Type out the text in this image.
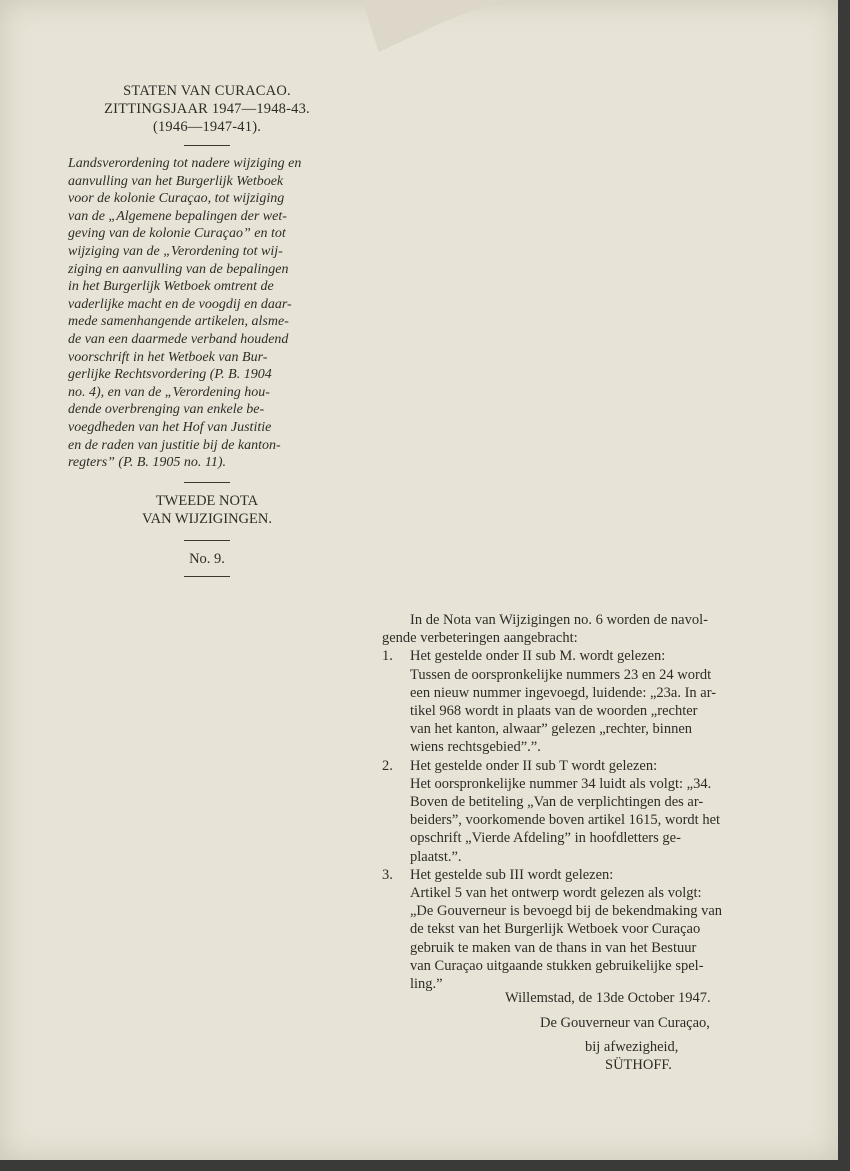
STATEN VAN CURACAO.
ZITTINGSJAAR 1947—1948-43.
(1946—1947-41).
Landsverordening tot nadere wijziging en
aanvulling van het Burgerlijk Wetboek
voor de kolonie Curaçao, tot wijziging
van de „Algemene bepalingen der wet-
geving van de kolonie Curaçao” en tot
wijziging van de „Verordening tot wij-
ziging en aanvulling van de bepalingen
in het Burgerlijk Wetboek omtrent de
vaderlijke macht en de voogdij en daar-
mede samenhangende artikelen, alsme-
de van een daarmede verband houdend
voorschrift in het Wetboek van Bur-
gerlijke Rechtsvordering (P. B. 1904
no. 4), en van de „Verordening hou-
dende overbrenging van enkele be-
voegdheden van het Hof van Justitie
en de raden van justitie bij de kanton-
regters” (P. B. 1905 no. 11).
TWEEDE NOTA
VAN WIJZIGINGEN.
No. 9.
In de Nota van Wijzigingen no. 6 worden de navol-
gende verbeteringen aangebracht:
1. Het gestelde onder II sub M. wordt gelezen:
Tussen de oorspronkelijke nummers 23 en 24 wordt
een nieuw nummer ingevoegd, luidende: „23a. In ar-
tikel 968 wordt in plaats van de woorden „rechter
van het kanton, alwaar” gelezen „rechter, binnen
wiens rechtsgebied”.”.
2. Het gestelde onder II sub T wordt gelezen:
Het oorspronkelijke nummer 34 luidt als volgt: „34.
Boven de betiteling „Van de verplichtingen des ar-
beiders”, voorkomende boven artikel 1615, wordt het
opschrift „Vierde Afdeling” in hoofdletters ge-
plaatst.”.
3. Het gestelde sub III wordt gelezen:
Artikel 5 van het ontwerp wordt gelezen als volgt:
„De Gouverneur is bevoegd bij de bekendmaking van
de tekst van het Burgerlijk Wetboek voor Curaçao
gebruik te maken van de thans in van het Bestuur
van Curaçao uitgaande stukken gebruikelijke spel-
ling.”
Willemstad, de 13de October 1947.
De Gouverneur van Curaçao,
bij afwezigheid,
SÜTHOFF.
